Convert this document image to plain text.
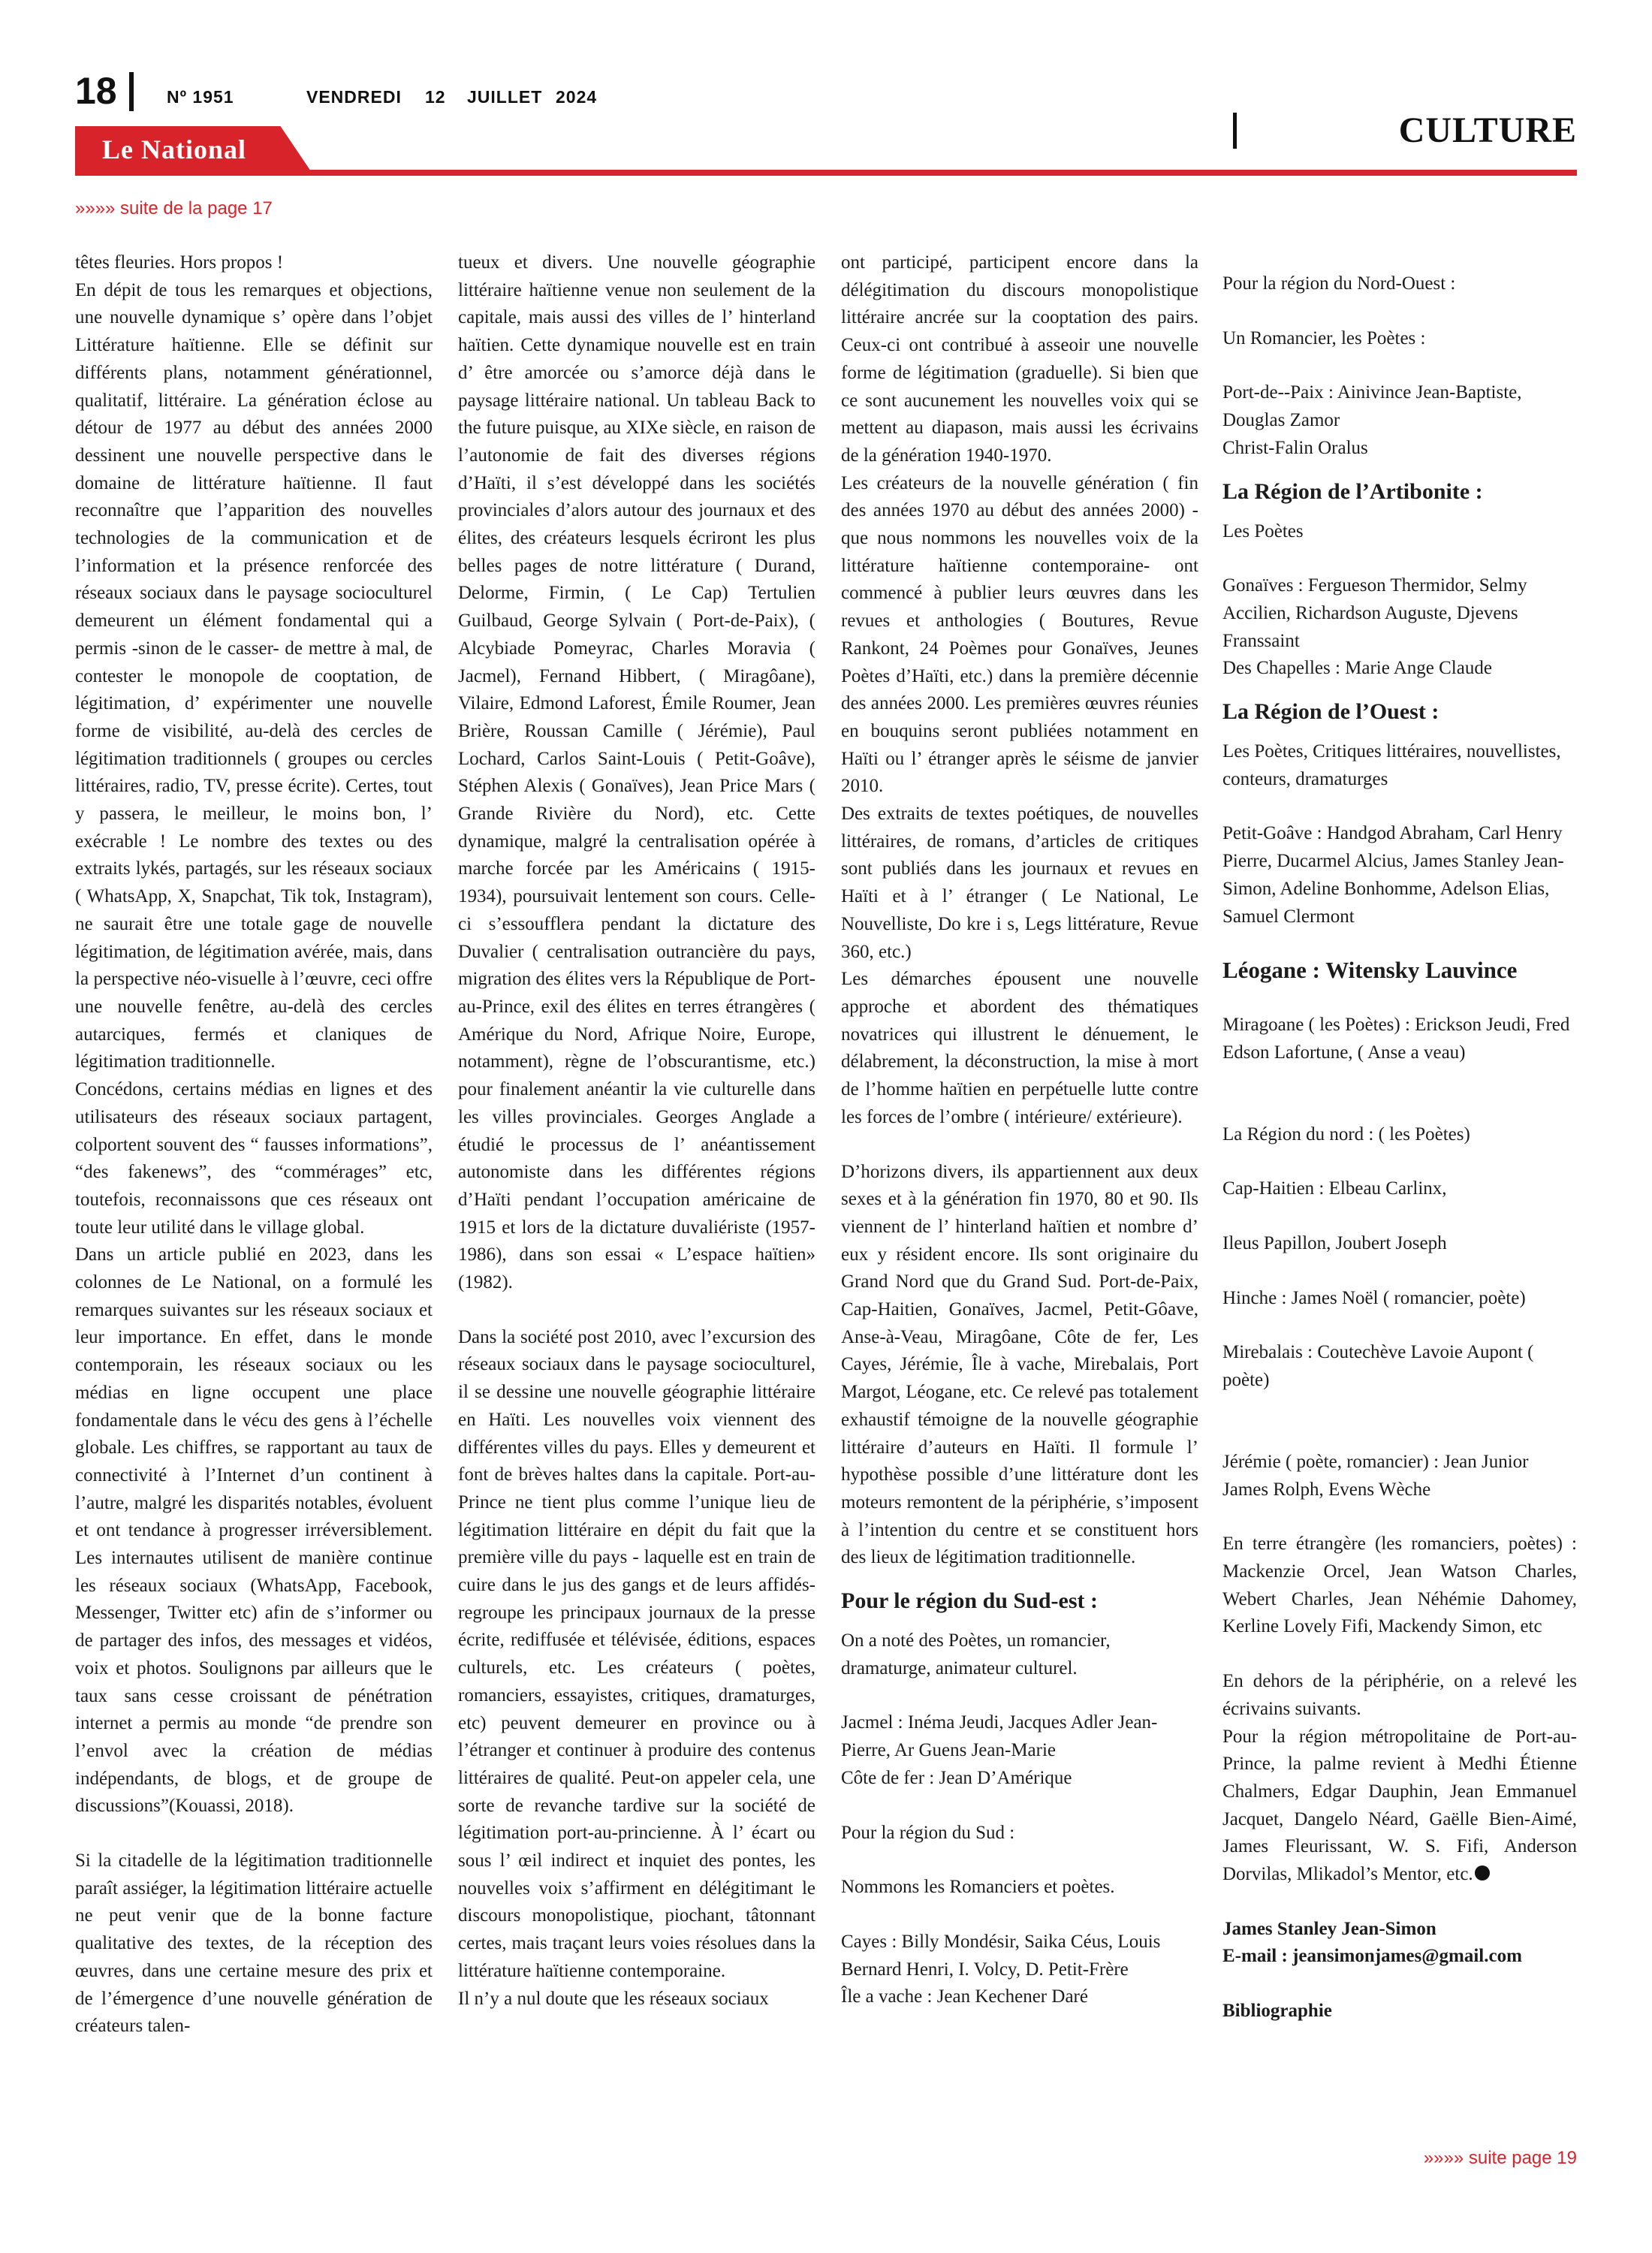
18	Nº 1951	VENDREDI 12 JUILLET 2024
CULTURE
Le National
»»»» suite de la page 17

têtes fleuries. Hors propos !

En dépit de tous les remarques et objections, une nouvelle dynamique s’ opère dans l’objet Littérature haïtienne. Elle se définit sur différents plans, notamment générationnel, qualitatif, littéraire. La génération éclose au détour de 1977 au début des années 2000 dessinent une nouvelle perspective dans le domaine de littérature haïtienne. Il faut reconnaître que l’apparition des nouvelles technologies de la communication et de l’information et la présence renforcée des réseaux sociaux dans le paysage socioculturel demeurent un élément fondamental qui a permis -sinon de le casser- de mettre à mal, de contester le monopole de cooptation, de légitimation, d’ expérimenter une nouvelle forme de visibilité, au-delà des cercles de légitimation traditionnels ( groupes ou cercles littéraires, radio, TV, presse écrite). Certes, tout y passera, le meilleur, le moins bon, l’ exécrable ! Le nombre des textes ou des extraits lykés, partagés, sur les réseaux sociaux ( WhatsApp, X, Snapchat, Tik tok, Instagram), ne saurait être une totale gage de nouvelle légitimation, de légitimation avérée, mais, dans la perspective néo-visuelle à l’œuvre, ceci offre une nouvelle fenêtre, au-delà des cercles autarciques, fermés et claniques de légitimation traditionnelle.

Concédons, certains médias en lignes et des utilisateurs des réseaux sociaux partagent, colportent souvent des “ fausses informations”, “des fakenews”, des “commérages” etc, toutefois, reconnaissons que ces réseaux ont toute leur utilité dans le village global.

Dans un article publié en 2023, dans les colonnes de Le National, on a formulé les remarques suivantes sur les réseaux sociaux et leur importance. En effet, dans le monde contemporain, les réseaux sociaux ou les médias en ligne occupent une place fondamentale dans le vécu des gens à l’échelle globale. Les chiffres, se rapportant au taux de connectivité à l’Internet d’un continent à l’autre, malgré les disparités notables, évoluent et ont tendance à progresser irréversiblement. Les internautes utilisent de manière continue les réseaux sociaux (WhatsApp, Facebook, Messenger, Twitter etc) afin de s’informer ou de partager des infos, des messages et vidéos, voix et photos. Soulignons par ailleurs que le taux sans cesse croissant de pénétration internet a permis au monde “de prendre son l’envol avec la création de médias indépendants, de blogs, et de groupe de discussions”(Kouassi, 2018).

Si la citadelle de la légitimation traditionnelle paraît assiéger, la légitimation littéraire actuelle ne peut venir que de la bonne facture qualitative des textes, de la réception des œuvres, dans une certaine mesure des prix et de l’émergence d’une nouvelle génération de créateurs talen-

tueux et divers. Une nouvelle géographie littéraire haïtienne venue non seulement de la capitale, mais aussi des villes de l’ hinterland haïtien. Cette dynamique nouvelle est en train d’ être amorcée ou s’amorce déjà dans le paysage littéraire national. Un tableau Back to the future puisque, au XIXe siècle, en raison de l’autonomie de fait des diverses régions d’Haïti, il s’est développé dans les sociétés provinciales d’alors autour des journaux et des élites, des créateurs lesquels écriront les plus belles pages de notre littérature ( Durand, Delorme, Firmin, ( Le Cap) Tertulien Guilbaud, George Sylvain ( Port-de-Paix), ( Alcybiade Pomeyrac, Charles Moravia ( Jacmel), Fernand Hibbert, ( Miragôane), Vilaire, Edmond Laforest, Émile Roumer, Jean Brière, Roussan Camille ( Jérémie), Paul Lochard, Carlos Saint-Louis ( Petit-Goâve), Stéphen Alexis ( Gonaïves), Jean Price Mars ( Grande Rivière du Nord), etc. Cette dynamique, malgré la centralisation opérée à marche forcée par les Américains ( 1915-1934), poursuivait lentement son cours. Celle-ci s’essoufflera pendant la dictature des Duvalier ( centralisation outrancière du pays, migration des élites vers la République de Port-au-Prince, exil des élites en terres étrangères ( Amérique du Nord, Afrique Noire, Europe, notamment), règne de l’obscurantisme, etc.) pour finalement anéantir la vie culturelle dans les villes provinciales. Georges Anglade a étudié le processus de l’ anéantissement autonomiste dans les différentes régions d’Haïti pendant l’occupation américaine de 1915 et lors de la dictature duvaliériste (1957-1986), dans son essai « L’espace haïtien» (1982).

Dans la société post 2010, avec l’excursion des réseaux sociaux dans le paysage socioculturel, il se dessine une nouvelle géographie littéraire en Haïti. Les nouvelles voix viennent des différentes villes du pays. Elles y demeurent et font de brèves haltes dans la capitale. Port-au- Prince ne tient plus comme l’unique lieu de légitimation littéraire en dépit du fait que la première ville du pays - laquelle est en train de cuire dans le jus des gangs et de leurs affidés-regroupe les principaux journaux de la presse écrite, rediffusée et télévisée, éditions, espaces culturels, etc. Les créateurs ( poètes, romanciers, essayistes, critiques, dramaturges, etc) peuvent demeurer en province ou à l’étranger et continuer à produire des contenus littéraires de qualité. Peut-on appeler cela, une sorte de revanche tardive sur la société de légitimation port-au-princienne. À l’ écart ou sous l’ œil indirect et inquiet des pontes, les nouvelles voix s’affirment en délégitimant le discours monopolistique, piochant, tâtonnant certes, mais traçant leurs voies résolues dans la littérature haïtienne contemporaine.

Il n’y a nul doute que les réseaux sociaux

ont participé, participent encore dans la délégitimation du discours monopolistique littéraire ancrée sur la cooptation des pairs. Ceux-ci ont contribué à asseoir une nouvelle forme de légitimation (graduelle). Si bien que ce sont aucunement les nouvelles voix qui se mettent au diapason, mais aussi les écrivains de la génération 1940-1970.

Les créateurs de la nouvelle génération ( fin des années 1970 au début des années 2000) -que nous nommons les nouvelles voix de la littérature haïtienne contemporaine- ont commencé à publier leurs œuvres dans les revues et anthologies ( Boutures, Revue Rankont, 24 Poèmes pour Gonaïves, Jeunes Poètes d’Haïti, etc.) dans la première décennie des années 2000. Les premières œuvres réunies en bouquins seront publiées notamment en Haïti ou l’ étranger après le séisme de janvier 2010.

Des extraits de textes poétiques, de nouvelles littéraires, de romans, d’articles de critiques sont publiés dans les journaux et revues en Haïti et à l’ étranger ( Le National, Le Nouvelliste, Do kre i s, Legs littérature, Revue 360, etc.)

Les démarches épousent une nouvelle approche et abordent des thématiques novatrices qui illustrent le dénuement, le délabrement, la déconstruction, la mise à mort de l’homme haïtien en perpétuelle lutte contre les forces de l’ombre ( intérieure/ extérieure).

D’horizons divers, ils appartiennent aux deux sexes et à la génération fin 1970, 80 et 90. Ils viennent de l’ hinterland haïtien et nombre d’ eux y résident encore. Ils sont originaire du Grand Nord que du Grand Sud. Port-de-Paix, Cap-Haitien, Gonaïves, Jacmel, Petit-Gôave, Anse-à-Veau, Miragôane, Côte de fer, Les Cayes, Jérémie, Île à vache, Mirebalais, Port Margot, Léogane, etc. Ce relevé pas totalement exhaustif témoigne de la nouvelle géographie littéraire d’auteurs en Haïti. Il formule l’ hypothèse possible d’une littérature dont les moteurs remontent de la périphérie, s’imposent à l’intention du centre et se constituent hors des lieux de légitimation traditionnelle.

Pour le région du Sud-est :

On a noté des Poètes, un romancier, dramaturge, animateur culturel.

Jacmel : Inéma Jeudi, Jacques Adler Jean-Pierre, Ar Guens Jean-Marie

Côte de fer : Jean D’Amérique

Pour la région du Sud :

Nommons les Romanciers et poètes.

Cayes : Billy Mondésir, Saika Céus, Louis Bernard Henri, I. Volcy, D. Petit-Frère

Île a vache : Jean Kechener Daré

Pour la région du Nord-Ouest :

Un Romancier, les Poètes :

Port-de--Paix : Ainivince Jean-Baptiste, Douglas Zamor

Christ-Falin Oralus

La Région de l’Artibonite :

Les Poètes

Gonaïves : Fergueson Thermidor, Selmy Accilien, Richardson Auguste, Djevens Franssaint

Des Chapelles : Marie Ange Claude

La Région de l’Ouest :

Les Poètes, Critiques littéraires, nouvellistes, conteurs, dramaturges

Petit-Goâve : Handgod Abraham, Carl Henry Pierre, Ducarmel Alcius, James Stanley Jean-Simon, Adeline Bonhomme, Adelson Elias, Samuel Clermont

Léogane : Witensky Lauvince

Miragoane ( les Poètes) : Erickson Jeudi, Fred Edson Lafortune, ( Anse a veau)

La Région du nord : ( les Poètes)

Cap-Haitien : Elbeau Carlinx,

Ileus Papillon, Joubert Joseph

Hinche : James Noël ( romancier, poète)

Mirebalais : Coutechève Lavoie Aupont ( poète)

Jérémie ( poète, romancier) : Jean Junior James Rolph, Evens Wèche

En terre étrangère (les romanciers, poètes) : Mackenzie Orcel, Jean Watson Charles, Webert Charles, Jean Néhémie Dahomey, Kerline Lovely Fifi, Mackendy Simon, etc

En dehors de la périphérie, on a relevé les écrivains suivants.

Pour la région métropolitaine de Port-au-Prince, la palme revient à Medhi Étienne Chalmers, Edgar Dauphin, Jean Emmanuel Jacquet, Dangelo Néard, Gaëlle Bien-Aimé, James Fleurissant, W. S. Fifi, Anderson Dorvilas, Mlikadol’s Mentor, etc.

James Stanley Jean-Simon

E-mail : jeansimonjames@gmail.com

Bibliographie

»»»» suite page 19
